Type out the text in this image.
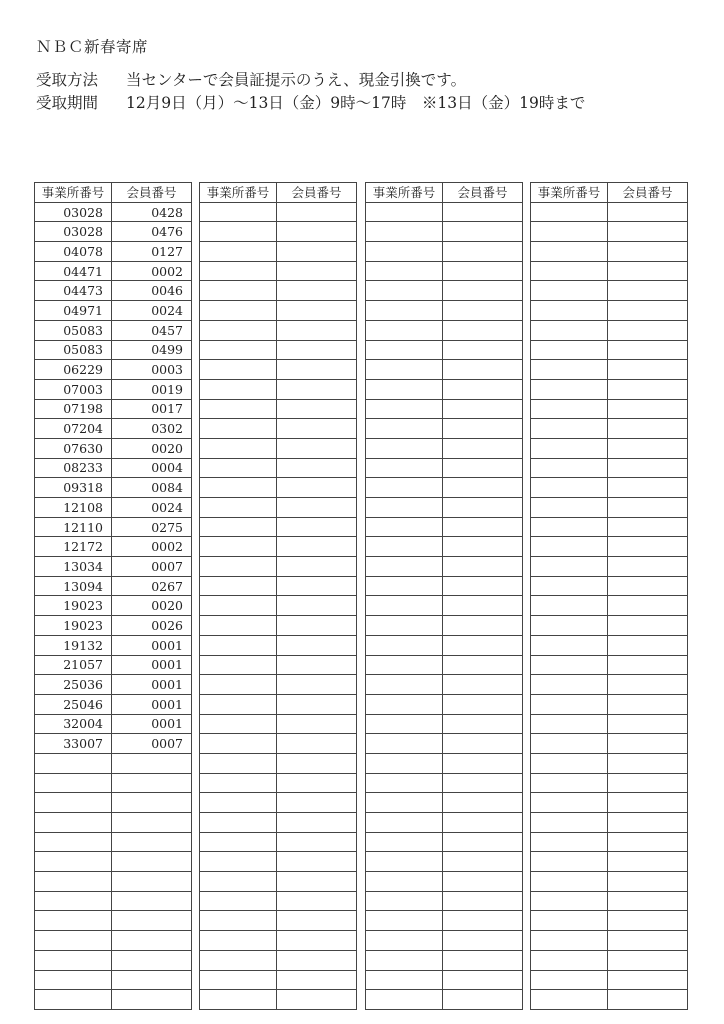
ＮＢＣ新春寄席
受取方法 当センターで会員証提示のうえ、現金引換です。
受取期間 12月9日（月）～13日（金）9時～17時　※13日（金）19時まで
事業所番号	会員番号
03028	0428
03028	0476
04078	0127
04471	0002
04473	0046
04971	0024
05083	0457
05083	0499
06229	0003
07003	0019
07198	0017
07204	0302
07630	0020
08233	0004
09318	0084
12108	0024
12110	0275
12172	0002
13034	0007
13094	0267
19023	0020
19023	0026
19132	0001
21057	0001
25036	0001
25046	0001
32004	0001
33007	0007

事業所番号	会員番号

	事業所番号	会員番号

	事業所番号	会員番号
